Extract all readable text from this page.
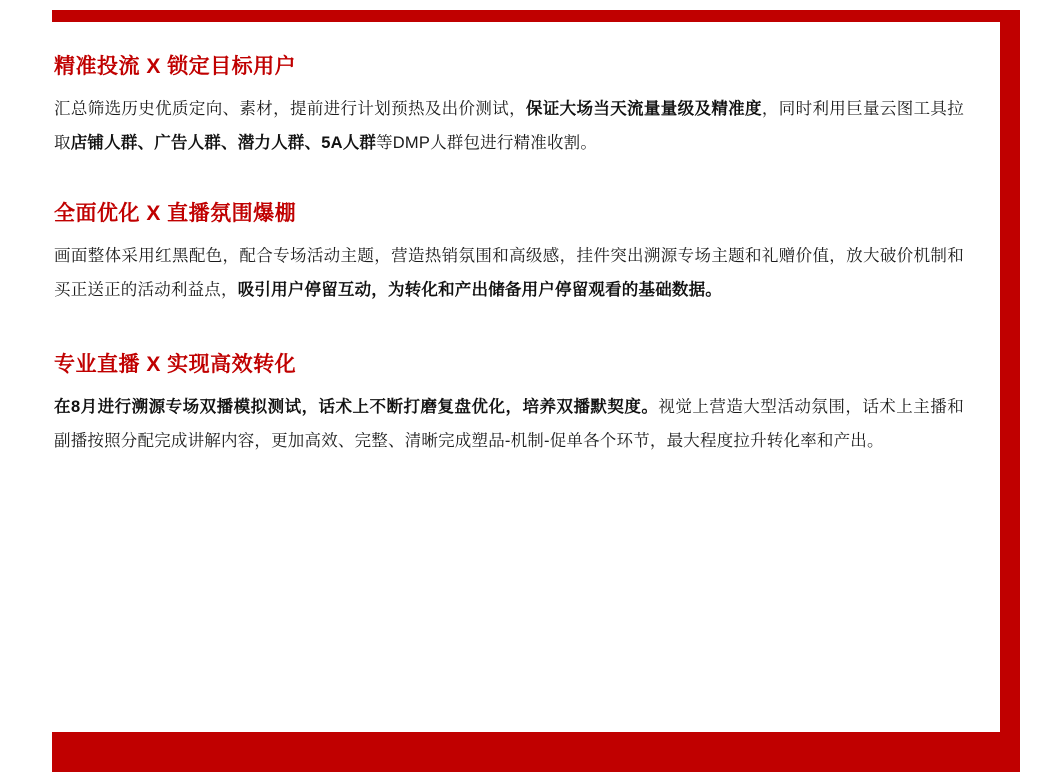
精准投流 X 锁定目标用户

汇总筛选历史优质定向、素材，提前进行计划预热及出价测试，保证大场当天流量量级及精准度，同时利用巨量云图工具拉取店铺人群、广告人群、潜力人群、5A人群等DMP人群包进行精准收割。

全面优化 X 直播氛围爆棚

画面整体采用红黑配色，配合专场活动主题，营造热销氛围和高级感，挂件突出溯源专场主题和礼赠价值，放大破价机制和买正送正的活动利益点，吸引用户停留互动，为转化和产出储备用户停留观看的基础数据。

专业直播 X 实现高效转化

在8月进行溯源专场双播模拟测试，话术上不断打磨复盘优化，培养双播默契度。视觉上营造大型活动氛围，话术上主播和副播按照分配完成讲解内容，更加高效、完整、清晰完成塑品-机制-促单各个环节，最大程度拉升转化率和产出。
